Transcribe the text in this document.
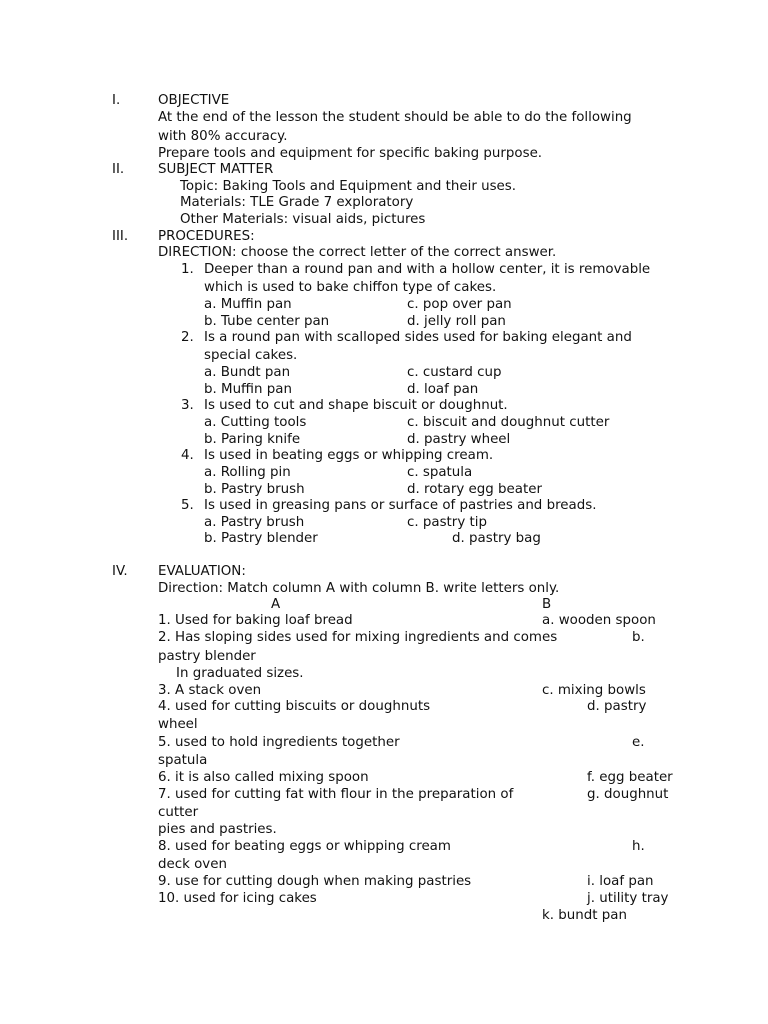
I.	OBJECTIVE
At the end of the lesson the student should be able to do the following
with 80% accuracy.
Prepare tools and equipment for specific baking purpose.
II.	SUBJECT MATTER
Topic: Baking Tools and Equipment and their uses.
Materials: TLE Grade 7 exploratory
Other Materials: visual aids, pictures
III. PROCEDURES:
DIRECTION: choose the correct letter of the correct answer.
1. Deeper than a round pan and with a hollow center, it is removable
which is used to bake chiffon type of cakes.
a. Muffin pan	c. pop over pan
b. Tube center pan	d. jelly roll pan
2. Is a round pan with scalloped sides used for baking elegant and
special cakes.
a. Bundt pan	c. custard cup
b. Muffin pan	d. loaf pan
3. Is used to cut and shape biscuit or doughnut.
a. Cutting tools	c. biscuit and doughnut cutter
b. Paring knife	d. pastry wheel
4. Is used in beating eggs or whipping cream.
a. Rolling pin	c. spatula
b. Pastry brush	d. rotary egg beater
5. Is used in greasing pans or surface of pastries and breads.
a. Pastry brush	c. pastry tip
b. Pastry blender	d. pastry bag
IV. EVALUATION:
Direction: Match column A with column B. write letters only.
A	B
1. Used for baking loaf bread	a. wooden spoon
2. Has sloping sides used for mixing ingredients and comes	b.
pastry blender
In graduated sizes.
3. A stack oven	c. mixing bowls
4. used for cutting biscuits or doughnuts	d. pastry
wheel
5. used to hold ingredients together	e.
spatula
6. it is also called mixing spoon	f. egg beater
7. used for cutting fat with flour in the preparation of	g. doughnut
cutter
pies and pastries.
8. used for beating eggs or whipping cream	h.
deck oven
9. use for cutting dough when making pastries	i. loaf pan
10. used for icing cakes	j. utility tray
k. bundt pan
